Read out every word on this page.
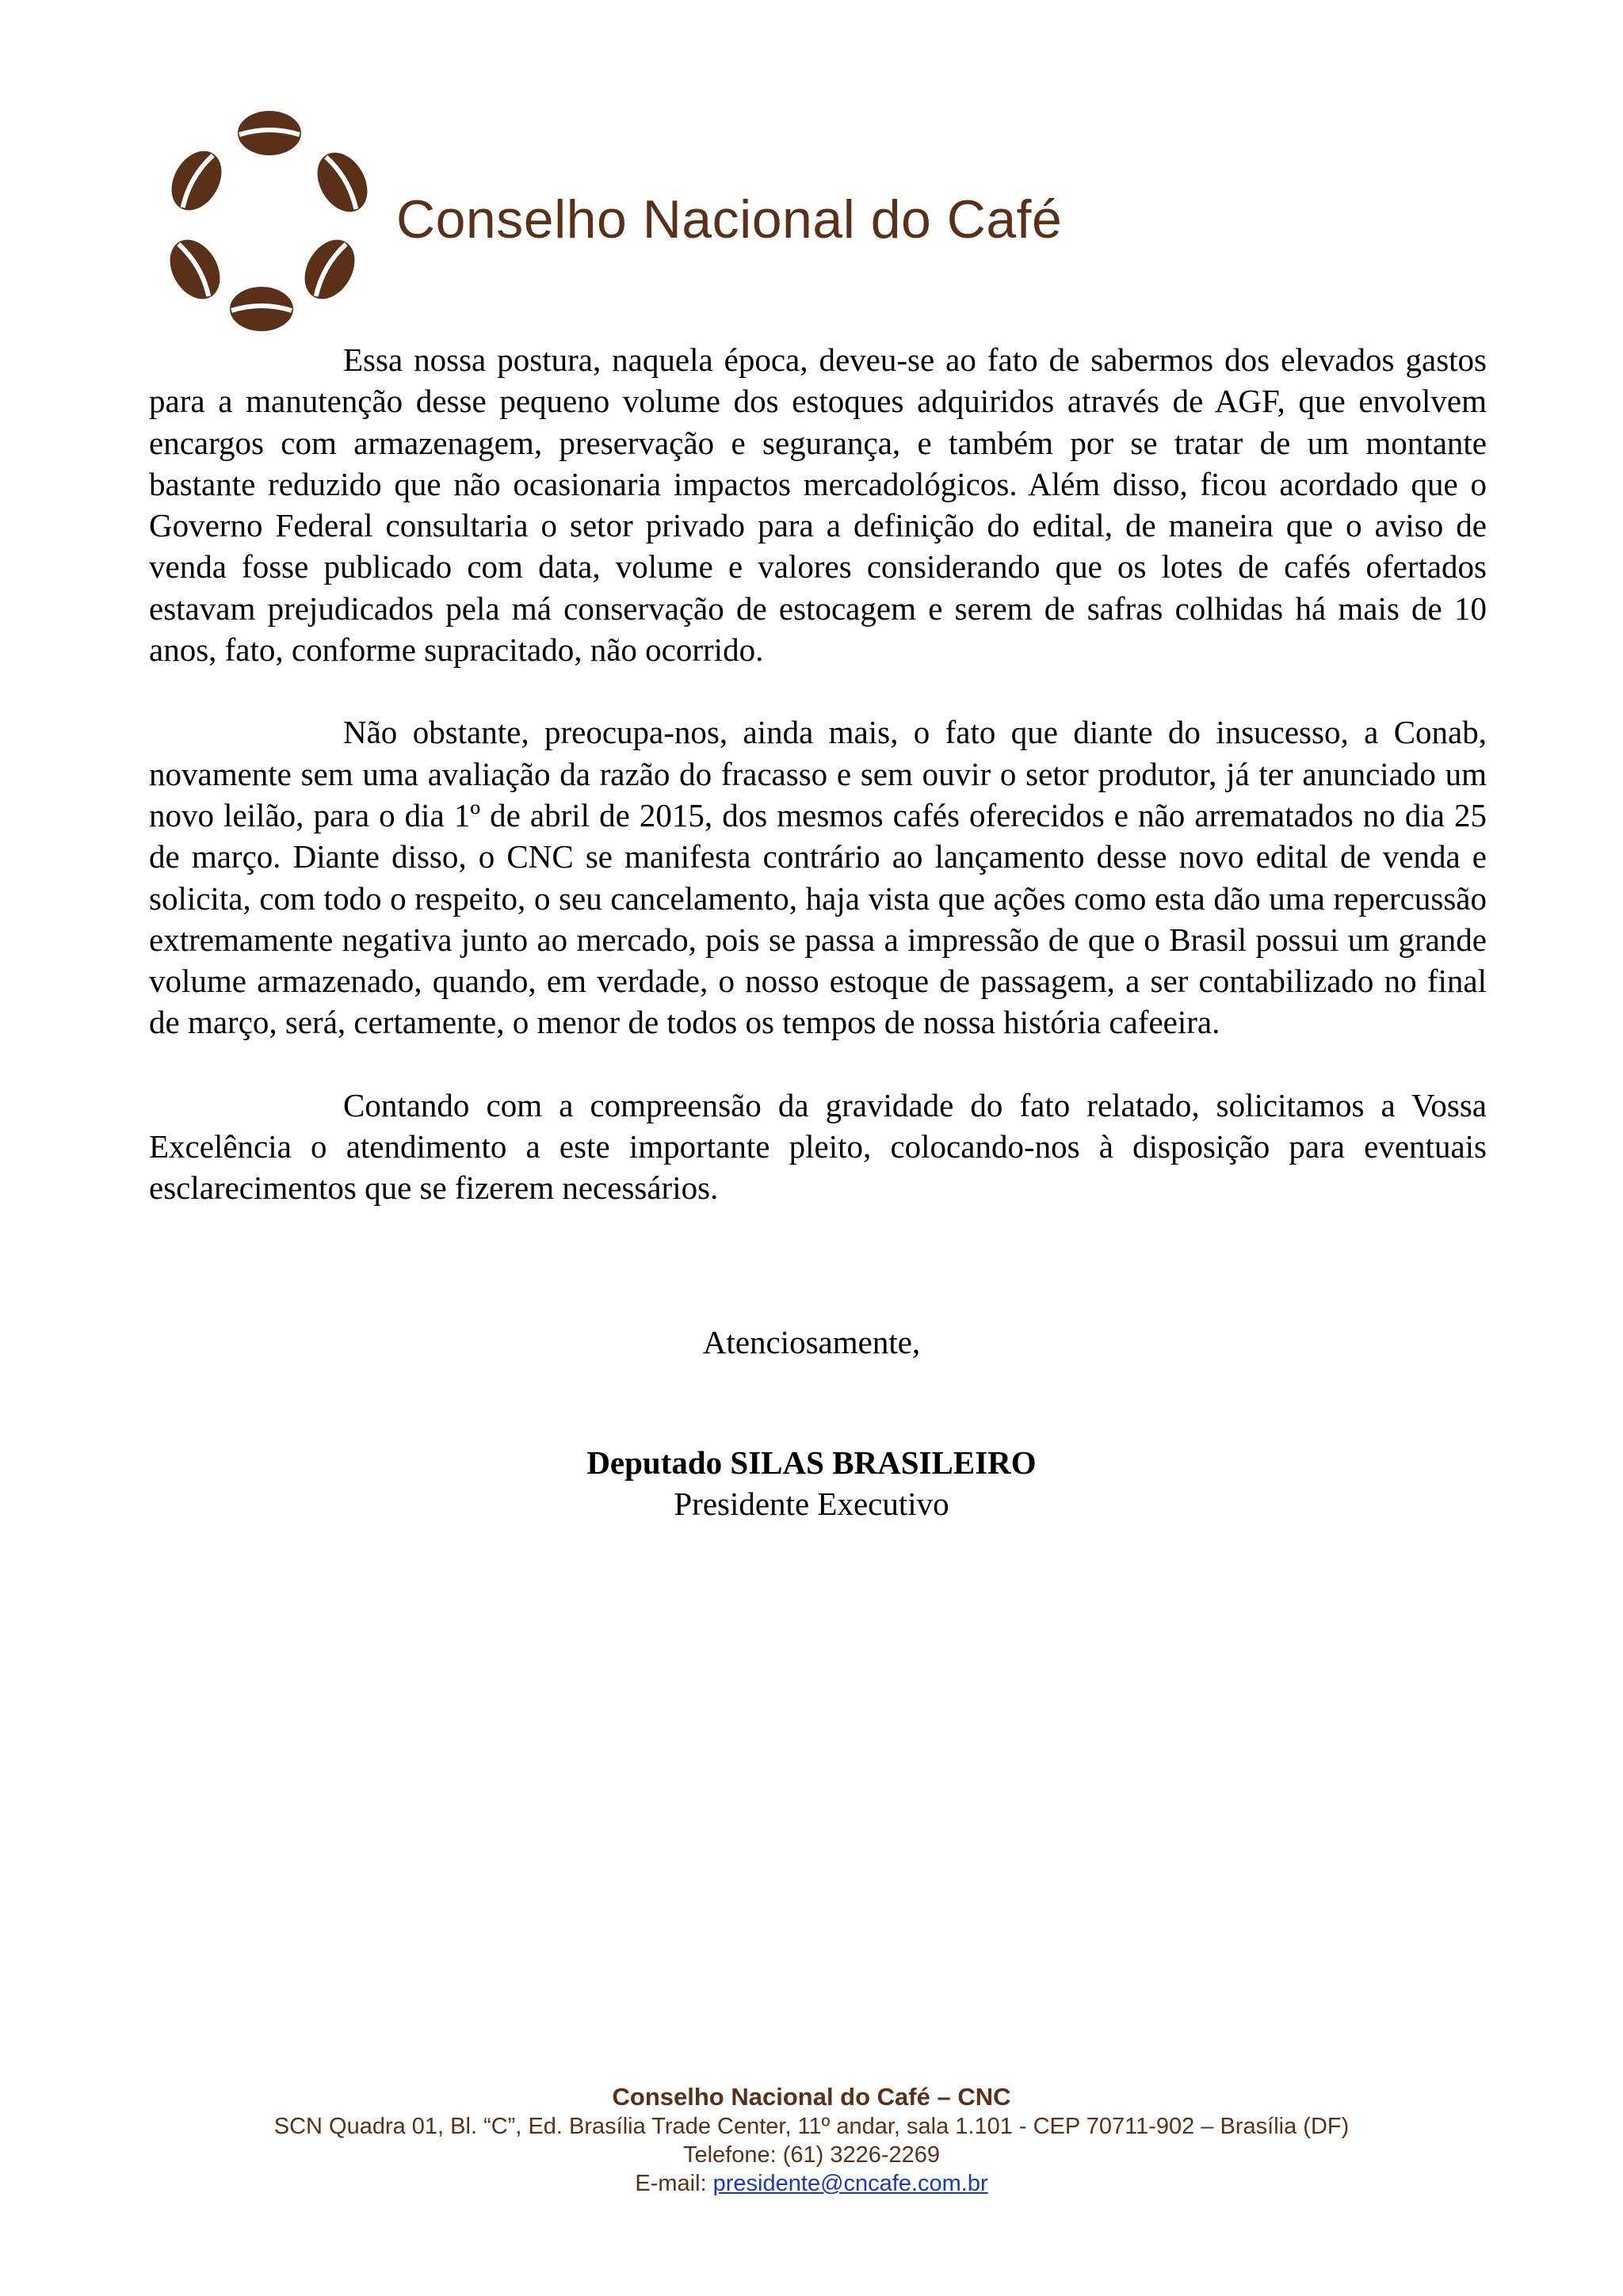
Conselho Nacional do Café

Essa nossa postura, naquela época, deveu-se ao fato de sabermos dos elevados gastos para a manutenção desse pequeno volume dos estoques adquiridos através de AGF, que envolvem encargos com armazenagem, preservação e segurança, e também por se tratar de um montante bastante reduzido que não ocasionaria impactos mercadológicos. Além disso, ficou acordado que o Governo Federal consultaria o setor privado para a definição do edital, de maneira que o aviso de venda fosse publicado com data, volume e valores considerando que os lotes de cafés ofertados estavam prejudicados pela má conservação de estocagem e serem de safras colhidas há mais de 10 anos, fato, conforme supracitado, não ocorrido.

Não obstante, preocupa-nos, ainda mais, o fato que diante do insucesso, a Conab, novamente sem uma avaliação da razão do fracasso e sem ouvir o setor produtor, já ter anunciado um novo leilão, para o dia 1º de abril de 2015, dos mesmos cafés oferecidos e não arrematados no dia 25 de março. Diante disso, o CNC se manifesta contrário ao lançamento desse novo edital de venda e solicita, com todo o respeito, o seu cancelamento, haja vista que ações como esta dão uma repercussão extremamente negativa junto ao mercado, pois se passa a impressão de que o Brasil possui um grande volume armazenado, quando, em verdade, o nosso estoque de passagem, a ser contabilizado no final de março, será, certamente, o menor de todos os tempos de nossa história cafeeira.

Contando com a compreensão da gravidade do fato relatado, solicitamos a Vossa Excelência o atendimento a este importante pleito, colocando-nos à disposição para eventuais esclarecimentos que se fizerem necessários.

Atenciosamente,
Deputado SILAS BRASILEIRO
Presidente Executivo
Conselho Nacional do Café – CNC
SCN Quadra 01, Bl. “C”, Ed. Brasília Trade Center, 11º andar, sala 1.101 - CEP 70711-902 – Brasília (DF)
Telefone: (61) 3226-2269
E-mail: presidente@cncafe.com.br
